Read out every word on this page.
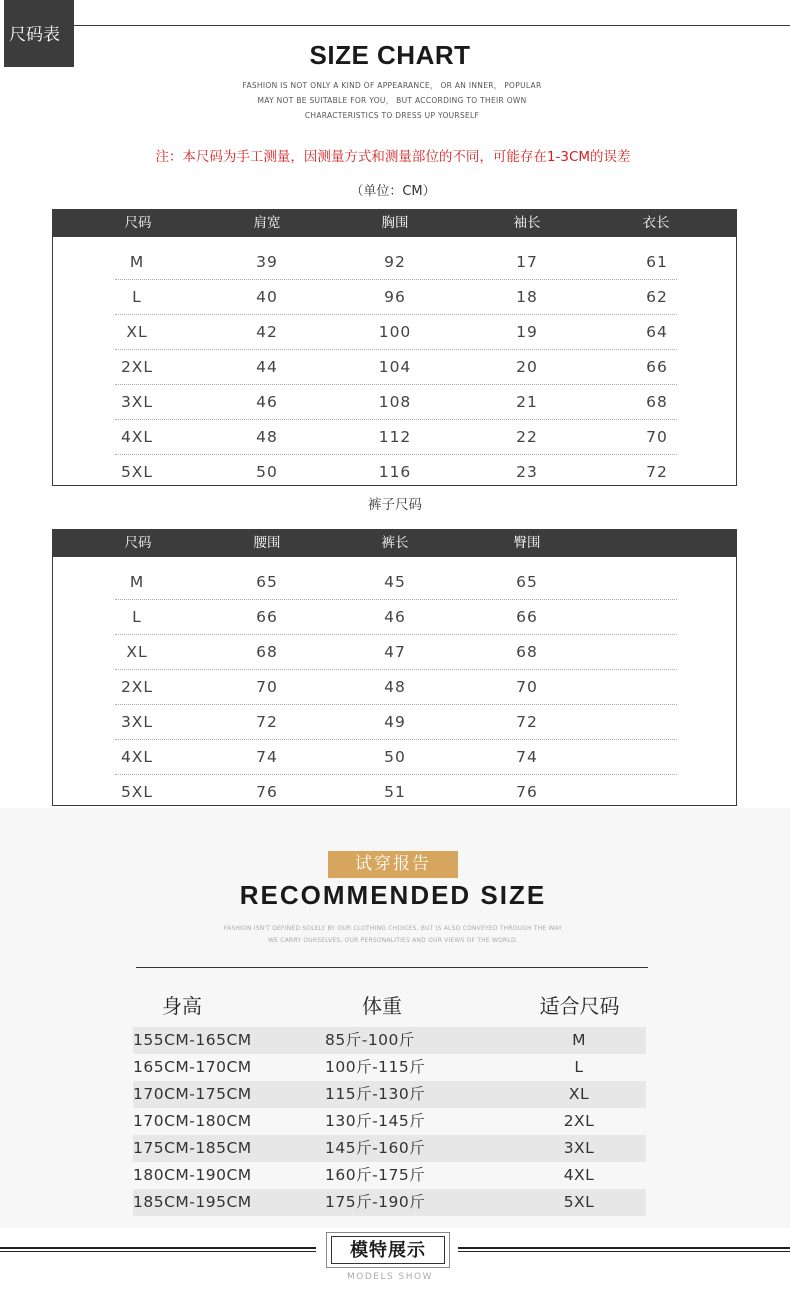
尺码表
SIZE CHART
FASHION IS NOT ONLY A KIND OF APPEARANCE， OR AN INNER， POPULAR
MAY NOT BE SUITABLE FOR YOU， BUT ACCORDING TO THEIR OWN
CHARACTERISTICS TO DRESS UP YOURSELF
注：本尺码为手工测量，因测量方式和测量部位的不同，可能存在1-3CM的误差
（单位：CM）
尺码	肩宽	胸围	袖长	衣长
M	39	92	17	61
L	40	96	18	62
XL	42	100	19	64
2XL	44	104	20	66
3XL	46	108	21	68
4XL	48	112	22	70
5XL	50	116	23	72
裤子尺码
尺码	腰围	裤长	臀围
M	65	45	65
L	66	46	66
XL	68	47	68
2XL	70	48	70
3XL	72	49	72
4XL	74	50	74
5XL	76	51	76
试穿报告
RECOMMENDED SIZE
FASHION ISN'T DEFINED SOLELY BY OUR CLOTHING CHOICES, BUT IS ALSO CONVEYED THROUGH THE WAY
WE CARRY OURSELVES, OUR PERSONALITIES AND OUR VIEWS OF THE WORLD.
身高	体重	适合尺码
155CM-165CM	85斤-100斤	M
165CM-170CM	100斤-115斤	L
170CM-175CM	115斤-130斤	XL
170CM-180CM	130斤-145斤	2XL
175CM-185CM	145斤-160斤	3XL
180CM-190CM	160斤-175斤	4XL
185CM-195CM	175斤-190斤	5XL
模特展示
MODELS SHOW
